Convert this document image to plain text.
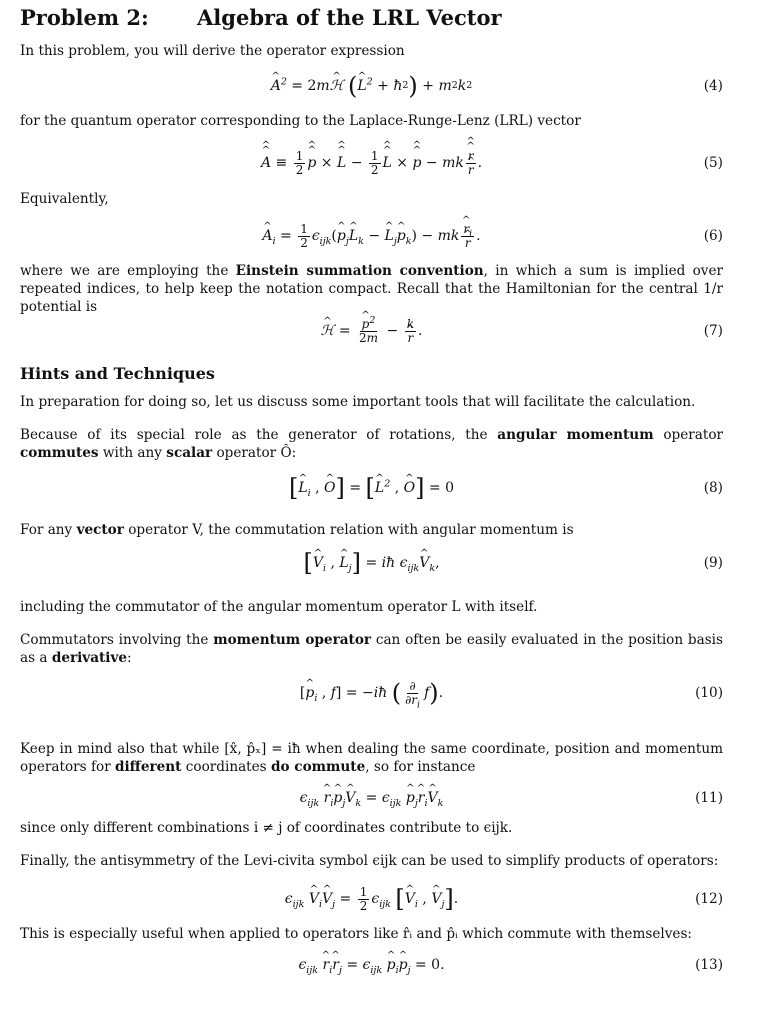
Problem 2: Algebra of the LRL Vector
In this problem, you will derive the operator expression
^ $A^2 = 2$ m ^ ℋ
( ^ $L^2$ + ħ 2 ) + m 2 k 2	(4)
for the quantum operator corresponding to the Laplace-Runge-Lenz (LRL) vector
^ A ^ ≡ $\frac{1}{2}$ ^ p ^ × ^ L ^ − $\frac{1}{2}$ ^ L ^ × ^ p ^ − mk ^ r ^
^ r .	(5)
Equivalently,
^ $A_i = \frac{1}{2} \epsilon_{ijk}$ ( ^ $p_j\^{}$ $L_k$ − ^ $L_j\^{}$ $p_k$ ) − mk ^ $r_i$
^ r .	(6)
where we are employing the Einstein summation convention, in which a sum is implied over repeated indices, to help keep the notation compact. Recall that the Hamiltonian for the central 1/r potential is
^ ℋ = ^ $\frac{p^2}{2m} - k$
^ r .	(7)
Hints and Techniques
In preparation for doing so, let us discuss some important tools that will facilitate the calculation.
Because of its special role as the generator of rotations, the angular momentum operator commutes with any scalar operator Ô:
[ ^ $L_i$ , ^ O ] = [ ^ $L^2$ , ^ O ] = 0	(8)
For any vector operator V, the commutation relation with angular momentum is
[ ^ $V_i$ , ^ $L_j$ ] = iħ
$\epsilon_{ijk}$ ^ $V_k$ ,	(9)
including the commutator of the angular momentum operator L with itself.
Commutators involving the momentum operator can often be easily evaluated in the position basis as a derivative:
[ ^ $p_i$ , f ] = − iħ
( $\frac{\partial}{\partial r_i}$ f ) .	(10)
Keep in mind also that while [x̂, p̂ₓ] = iħ when dealing the same coordinate, position and momentum operators for different coordinates do commute, so for instance
$\epsilon_{ijk}$
^ $r_i\^{}$ $p_j\^{}$ $V_k = \epsilon_{ijk}$
^ $p_j\^{}$ $r_i\^{}$ $V_k$	(11)
since only different combinations i ≠ j of coordinates contribute to ϵijk.
Finally, the antisymmetry of the Levi-civita symbol ϵijk can be used to simplify products of operators:
$\epsilon_{ijk}$
^ $V_i\^{}$ $V_j = \frac{1}{2} \epsilon_{ijk}$
[ ^ $V_i$ , ^ $V_j$ ] .	(12)
This is especially useful when applied to operators like r̂ᵢ and p̂ᵢ which commute with themselves:
$\epsilon_{ijk}$
^ $r_i\^{}$ $r_j = \epsilon_{ijk}$
^ $p_i\^{}$ $p_j = 0$.	(13)
